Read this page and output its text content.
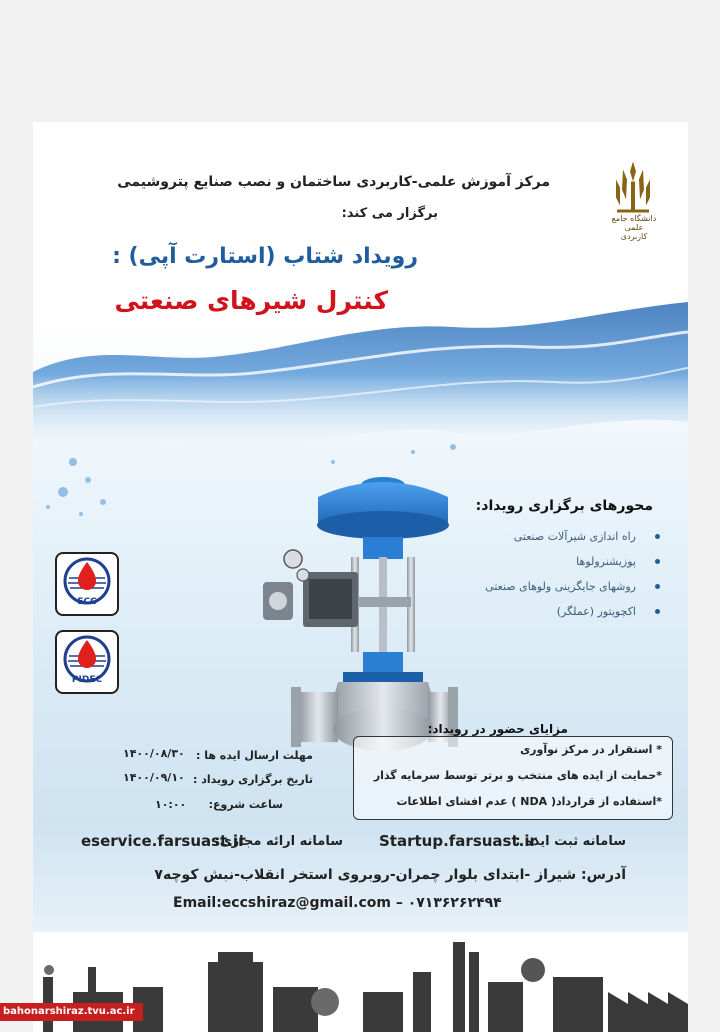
دانشگاه جامع علمی کاربردی
مرکز آموزش علمی-کاربردی ساختمان و نصب صنایع پتروشیمی
برگزار می کند:
رویداد شتاب (استارت آپی) :
کنترل شیرهای صنعتی
محورهای برگزاری رویداد:
راه اندازی شیرآلات صنعتی
پوزیشنرولوها
روشهای جایگزینی ولوهای صنعتی
اکچویتور (عملگر)
ECC
PIDEC
مزایای حضور در رویداد:
* استقرار در مرکز نوآوری
*حمایت از ایده های منتخب و برتر توسط سرمایه گذار
*استفاده از قرارداد( NDA ) عدم افشای اطلاعات
مهلت ارسال ایده ها :
۱۴۰۰/۰۸/۳۰
تاریخ برگزاری رویداد :
۱۴۰۰/۰۹/۱۰
ساعت شروع:
۱۰:۰۰
سامانه ثبت ایده :
Startup.farsuast.ir
سامانه ارائه مجازی:
eservice.farsuast.ir
آدرس: شیراز -ابتدای بلوار چمران-روبروی استخر انقلاب-نبش کوچه۷
Email:eccshiraz@gmail.com – ۰۷۱۳۶۲۶۲۴۹۴
bahonarshiraz.tvu.ac.ir
